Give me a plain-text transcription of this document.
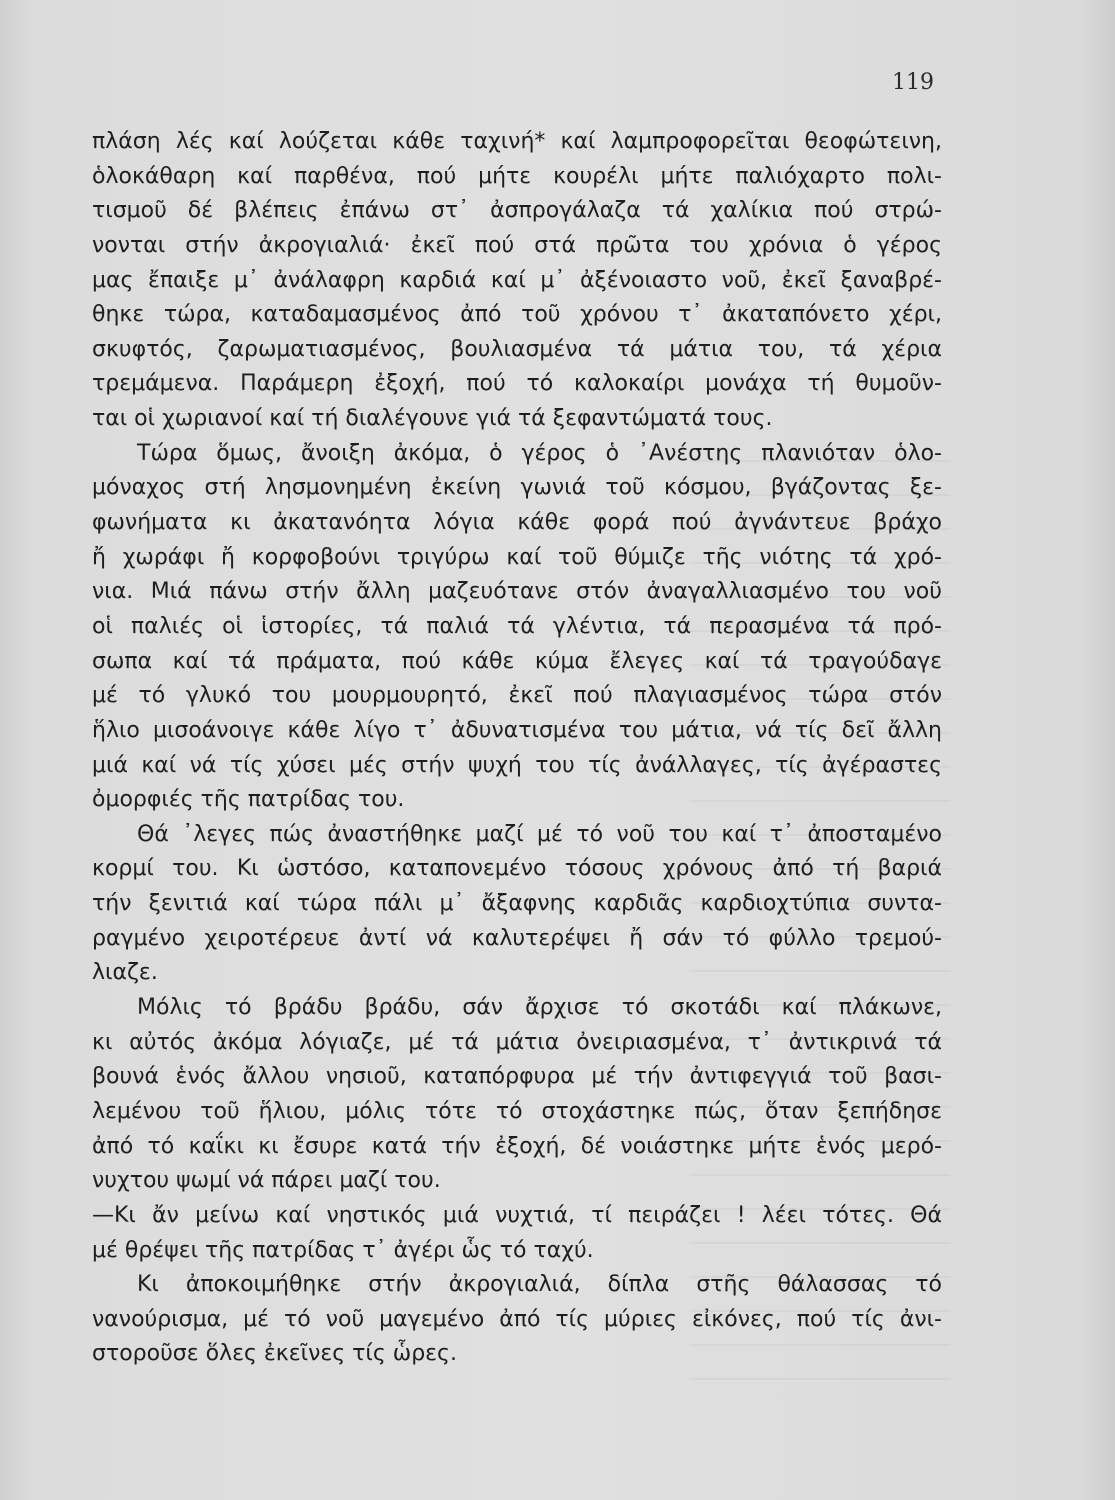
119
πλάση λές καί λούζεται κάθε ταχινή* καί λαμπροφορεῖται θεοφώτεινη,
ὁλοκάθαρη καί παρθένα, πού μήτε κουρέλι μήτε παλιόχαρτο πολι-
τισμοῦ δέ βλέπεις ἐπάνω στ᾽ ἀσπρογάλαζα τά χαλίκια πού στρώ-
νονται στήν ἀκρογιαλιά· ἐκεῖ πού στά πρῶτα του χρόνια ὁ γέρος
μας ἔπαιξε μ᾽ ἀνάλαφρη καρδιά καί μ᾽ ἀξένοιαστο νοῦ, ἐκεῖ ξαναβρέ-
θηκε τώρα, καταδαμασμένος ἀπό τοῦ χρόνου τ᾽ ἀκαταπόνετο χέρι,
σκυφτός, ζαρωματιασμένος, βουλιασμένα τά μάτια του, τά χέρια
τρεμάμενα. Παράμερη ἐξοχή, πού τό καλοκαίρι μονάχα τή θυμοῦν-
ται οἱ χωριανοί καί τή διαλέγουνε γιά τά ξεφαντώματά τους.
Τώρα ὅμως, ἄνοιξη ἀκόμα, ὁ γέρος ὁ ᾽Ανέστης πλανιόταν ὁλο-
μόναχος στή λησμονημένη ἐκείνη γωνιά τοῦ κόσμου, βγάζοντας ξε-
φωνήματα κι ἀκατανόητα λόγια κάθε φορά πού ἀγνάντευε βράχο
ἤ χωράφι ἤ κορφοβούνι τριγύρω καί τοῦ θύμιζε τῆς νιότης τά χρό-
νια. Μιά πάνω στήν ἄλλη μαζευότανε στόν ἀναγαλλιασμένο του νοῦ
οἱ παλιές οἱ ἱστορίες, τά παλιά τά γλέντια, τά περασμένα τά πρό-
σωπα καί τά πράματα, πού κάθε κύμα ἔλεγες καί τά τραγούδαγε
μέ τό γλυκό του μουρμουρητό, ἐκεῖ πού πλαγιασμένος τώρα στόν
ἥλιο μισοάνοιγε κάθε λίγο τ᾽ ἀδυνατισμένα του μάτια, νά τίς δεῖ ἄλλη
μιά καί νά τίς χύσει μές στήν ψυχή του τίς ἀνάλλαγες, τίς ἀγέραστες
ὀμορφιές τῆς πατρίδας του.
Θά ᾽λεγες πώς ἀναστήθηκε μαζί μέ τό νοῦ του καί τ᾽ ἀποσταμένο
κορμί του. Κι ὡστόσο, καταπονεμένο τόσους χρόνους ἀπό τή βαριά
τήν ξενιτιά καί τώρα πάλι μ᾽ ἄξαφνης καρδιᾶς καρδιοχτύπια συντα-
ραγμένο χειροτέρευε ἀντί νά καλυτερέψει ἤ σάν τό φύλλο τρεμού-
λιαζε.
Μόλις τό βράδυ βράδυ, σάν ἄρχισε τό σκοτάδι καί πλάκωνε,
κι αὐτός ἀκόμα λόγιαζε, μέ τά μάτια ὀνειριασμένα, τ᾽ ἀντικρινά τά
βουνά ἑνός ἄλλου νησιοῦ, καταπόρφυρα μέ τήν ἀντιφεγγιά τοῦ βασι-
λεμένου τοῦ ἥλιου, μόλις τότε τό στοχάστηκε πώς, ὅταν ξεπήδησε
ἀπό τό καΐκι κι ἔσυρε κατά τήν ἐξοχή, δέ νοιάστηκε μήτε ἑνός μερό-
νυχτου ψωμί νά πάρει μαζί του.
—Κι ἄν μείνω καί νηστικός μιά νυχτιά, τί πειράζει ! λέει τότες. Θά
μέ θρέψει τῆς πατρίδας τ᾽ ἀγέρι ὧς τό ταχύ.
Κι ἀποκοιμήθηκε στήν ἀκρογιαλιά, δίπλα στῆς θάλασσας τό
νανούρισμα, μέ τό νοῦ μαγεμένο ἀπό τίς μύριες εἰκόνες, πού τίς ἀνι-
στοροῦσε ὅλες ἐκεῖνες τίς ὧρες.
